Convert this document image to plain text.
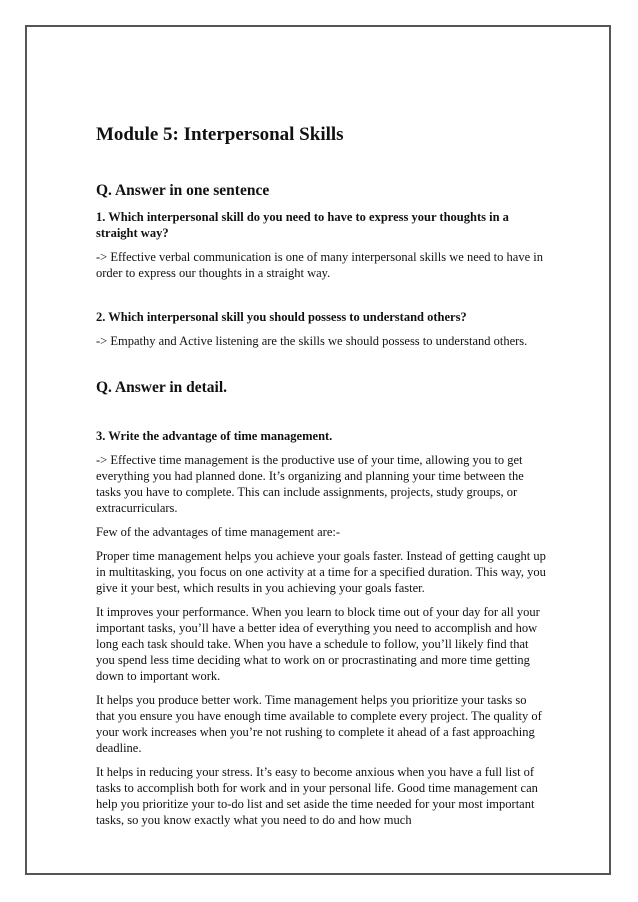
Module 5: Interpersonal Skills
Q. Answer in one sentence
1. Which interpersonal skill do you need to have to express your thoughts in a straight way?
-> Effective verbal communication is one of many interpersonal skills we need to have in order to express our thoughts in a straight way.
2. Which interpersonal skill you should possess to understand others?
-> Empathy and Active listening are the skills we should possess to understand others.
Q. Answer in detail.
3. Write the advantage of time management.
-> Effective time management is the productive use of your time, allowing you to get everything you had planned done. It’s organizing and planning your time between the tasks you have to complete. This can include assignments, projects, study groups, or extracurriculars.
Few of the advantages of time management are:-
Proper time management helps you achieve your goals faster. Instead of getting caught up in multitasking, you focus on one activity at a time for a specified duration. This way, you give it your best, which results in you achieving your goals faster.
It improves your performance. When you learn to block time out of your day for all your important tasks, you’ll have a better idea of everything you need to accomplish and how long each task should take. When you have a schedule to follow, you’ll likely find that you spend less time deciding what to work on or procrastinating and more time getting down to important work.
It helps you produce better work. Time management helps you prioritize your tasks so that you ensure you have enough time available to complete every project. The quality of your work increases when you’re not rushing to complete it ahead of a fast approaching deadline.
It helps in reducing your stress. It’s easy to become anxious when you have a full list of tasks to accomplish both for work and in your personal life. Good time management can help you prioritize your to-do list and set aside the time needed for your most important tasks, so you know exactly what you need to do and how much
